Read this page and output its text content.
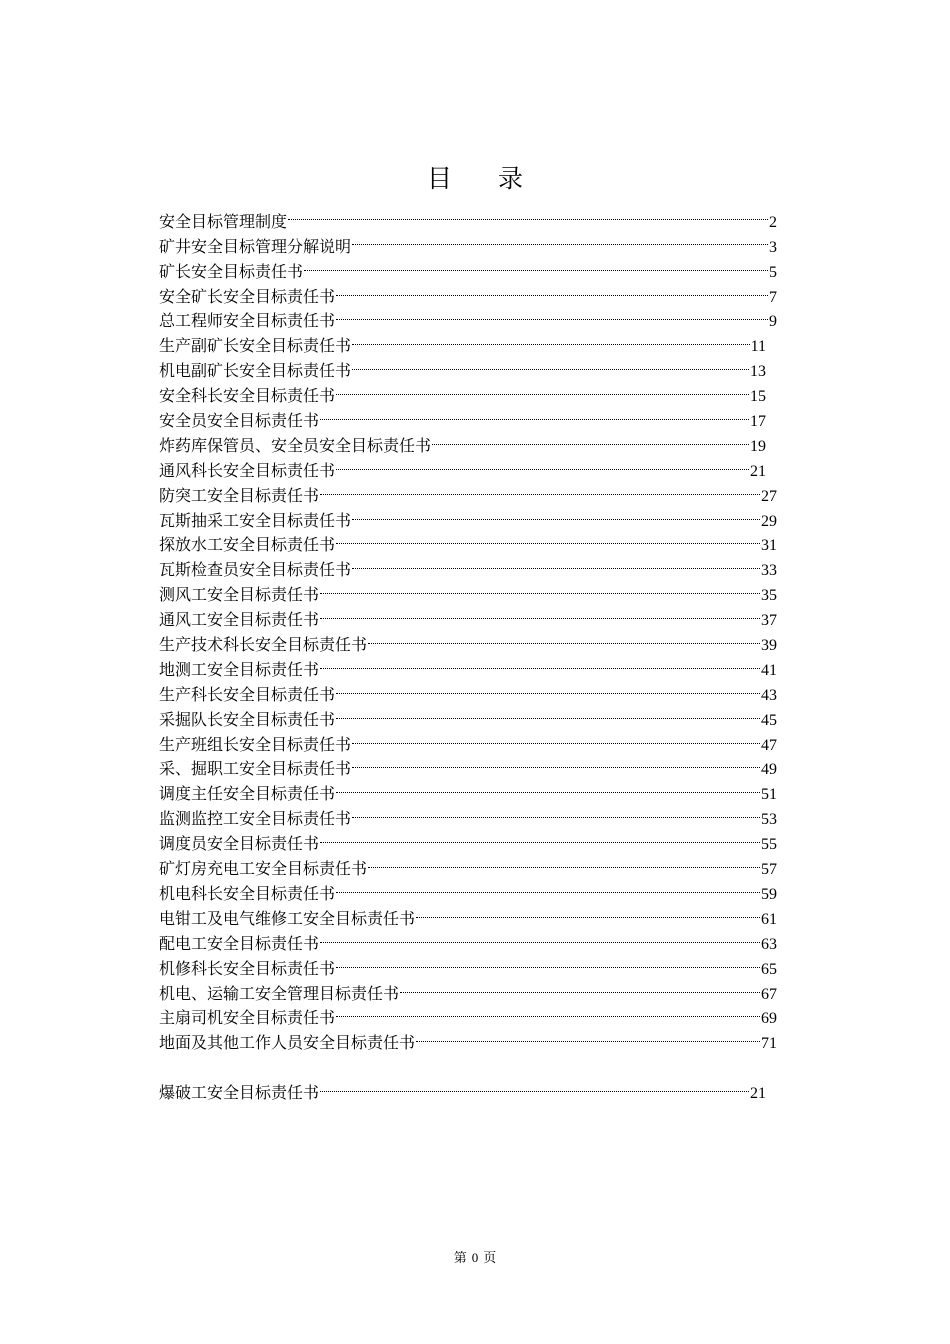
目 录
安全目标管理制度	2
矿井安全目标管理分解说明	3
矿长安全目标责任书	5
安全矿长安全目标责任书	7
总工程师安全目标责任书	9
生产副矿长安全目标责任书	11
机电副矿长安全目标责任书	13
安全科长安全目标责任书	15
安全员安全目标责任书	17
炸药库保管员、安全员安全目标责任书	19
通风科长安全目标责任书	21
防突工安全目标责任书	27
瓦斯抽采工安全目标责任书	29
探放水工安全目标责任书	31
瓦斯检查员安全目标责任书	33
测风工安全目标责任书	35
通风工安全目标责任书	37
生产技术科长安全目标责任书	39
地测工安全目标责任书	41
生产科长安全目标责任书	43
采掘队长安全目标责任书	45
生产班组长安全目标责任书	47
采、掘职工安全目标责任书	49
调度主任安全目标责任书	51
监测监控工安全目标责任书	53
调度员安全目标责任书	55
矿灯房充电工安全目标责任书	57
机电科长安全目标责任书	59
电钳工及电气维修工安全目标责任书	61
配电工安全目标责任书	63
机修科长安全目标责任书	65
机电、运输工安全管理目标责任书	67
主扇司机安全目标责任书	69
地面及其他工作人员安全目标责任书	71
爆破工安全目标责任书	21
第 0 页
